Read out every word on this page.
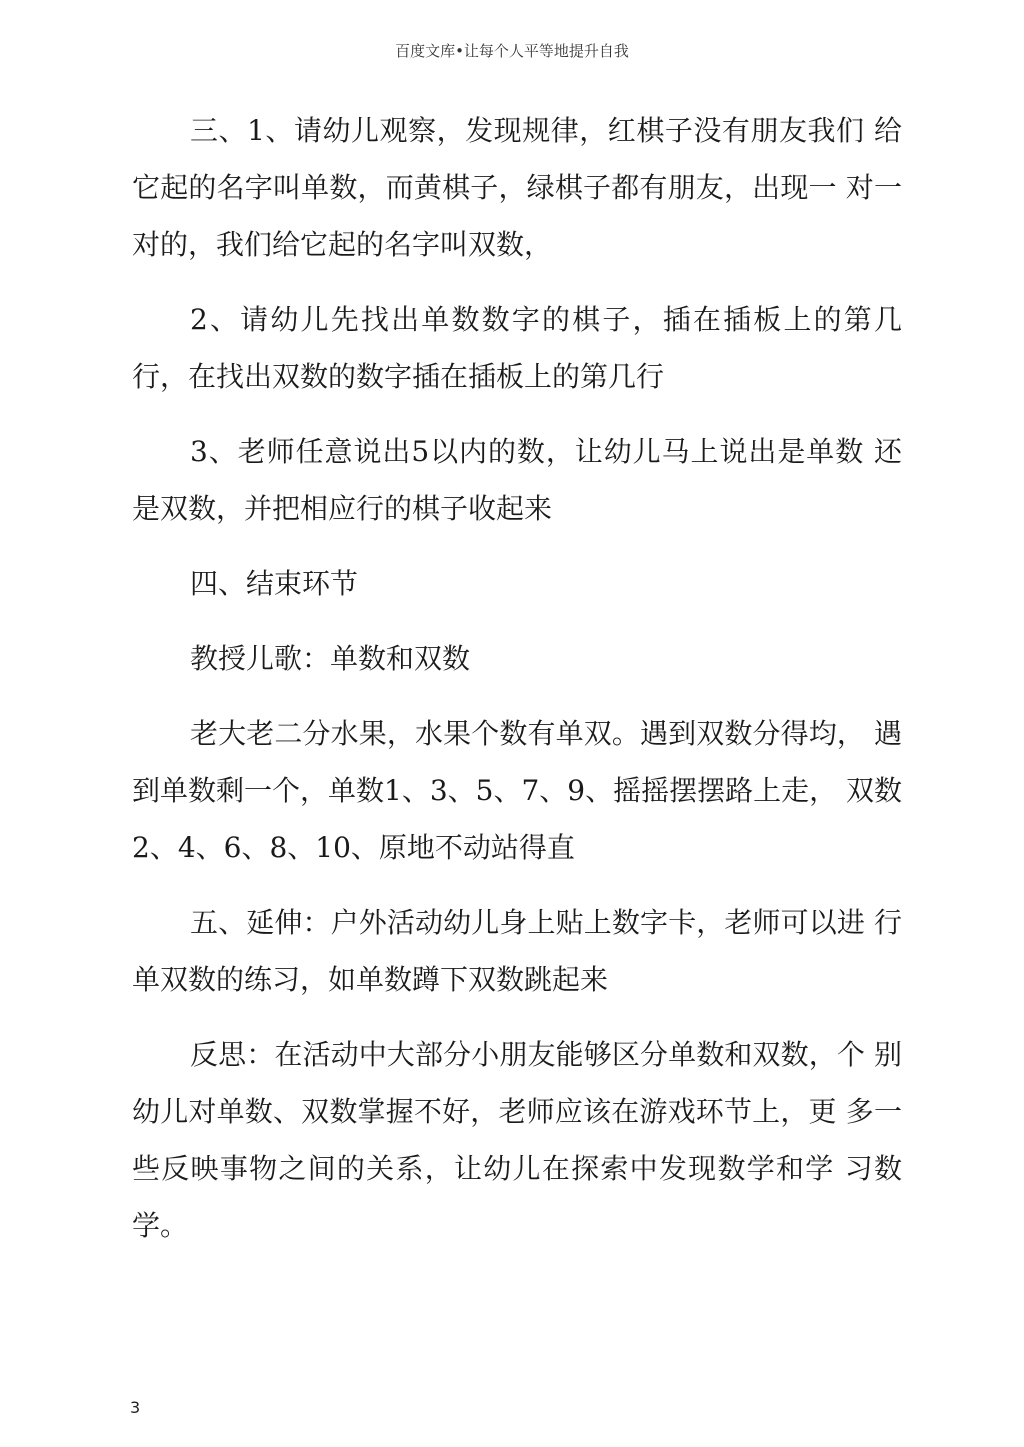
百度文库•让每个人平等地提升自我

三、1、请幼儿观察，发现规律，红棋子没有朋友我们 给它起的名字叫单数，而黄棋子，绿棋子都有朋友，出现一 对一对的，我们给它起的名字叫双数，

2、请幼儿先找出单数数字的棋子，插在插板上的第几 行，在找出双数的数字插在插板上的第几行

3、老师任意说出5以内的数，让幼儿马上说出是单数 还是双数，并把相应行的棋子收起来

四、结束环节

教授儿歌：单数和双数

老大老二分水果，水果个数有单双。遇到双数分得均， 遇到单数剩一个，单数1、3、5、7、9、摇摇摆摆路上走， 双数2、4、6、8、10、原地不动站得直

五、延伸：户外活动幼儿身上贴上数字卡，老师可以进 行单双数的练习，如单数蹲下双数跳起来

反思：在活动中大部分小朋友能够区分单数和双数，个 别幼儿对单数、双数掌握不好，老师应该在游戏环节上，更 多一些反映事物之间的关系，让幼儿在探索中发现数学和学 习数学。

3
